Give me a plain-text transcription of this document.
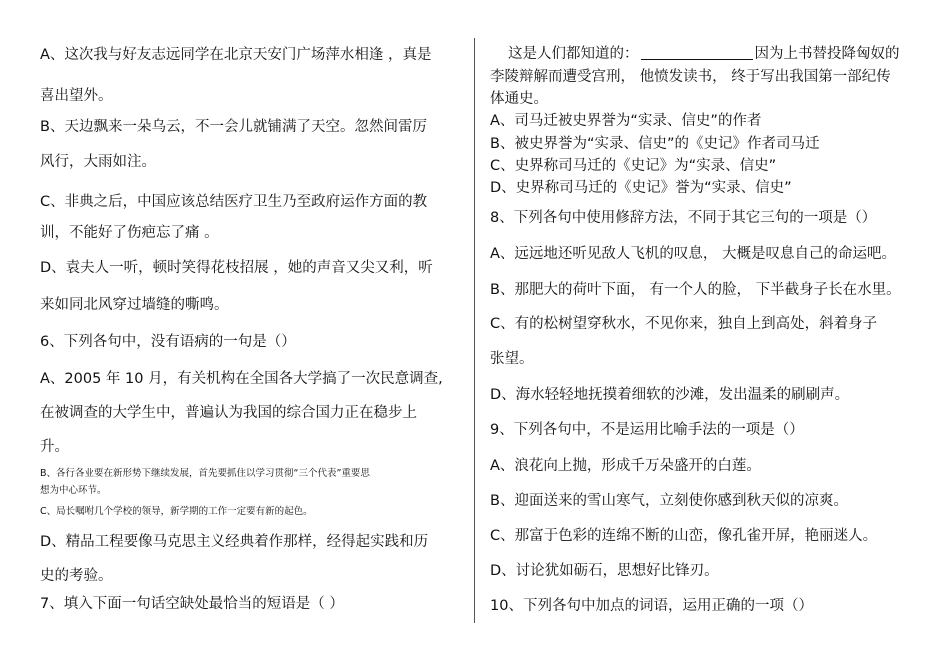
A、这次我与好友志远同学在北京天安门广场萍水相逢 ，真是
喜出望外。
B、天边飘来一朵乌云，不一会儿就铺满了天空。忽然间雷厉
风行，大雨如注。
C、非典之后，中国应该总结医疗卫生乃至政府运作方面的教
训，不能好了伤疤忘了痛 。
D、袁夫人一听，顿时笑得花枝招展 ，她的声音又尖又利，听
来如同北风穿过墙缝的嘶鸣。
6、下列各句中，没有语病的一句是（）
A、2005 年 10 月，有关机构在全国各大学搞了一次民意调查,
在被调查的大学生中，普遍认为我国的综合国力正在稳步上
升。
B、各行各业要在新形势下继续发展，首先要抓住以学习贯彻“三个代表”重要思
想为中心环节。
C、局长嘱咐几个学校的领导，新学期的工作一定要有新的起色。
D、精品工程要像马克思主义经典着作那样，经得起实践和历
史的考验。
7、填入下面一句话空缺处最恰当的短语是（ ）
这是人们都知道的：	因为上书替投降匈奴的
李陵辩解而遭受宫刑， 他愤发读书， 终于写出我国第一部纪传
体通史。
A、司马迁被史界誉为“实录、信史”的作者
B、被史界誉为“实录、信史”的《史记》作者司马迁
C、史界称司马迁的《史记》为“实录、信史”
D、史界称司马迁的《史记》誉为“实录、信史”
8、下列各句中使用修辞方法，不同于其它三句的一项是（）
A、远远地还听见敌人飞机的叹息， 大概是叹息自己的命运吧。
B、那肥大的荷叶下面， 有一个人的脸， 下半截身子长在水里。
C、有的松树望穿秋水，不见你来，独自上到高处，斜着身子
张望。
D、海水轻轻地抚摸着细软的沙滩，发出温柔的刷刷声。
9、下列各句中，不是运用比喻手法的一项是（）
A、浪花向上抛，形成千万朵盛开的白莲。
B、迎面送来的雪山寒气，立刻使你感到秋天似的凉爽。
C、那富于色彩的连绵不断的山峦，像孔雀开屏，艳丽迷人。
D、讨论犹如砺石，思想好比锋刃。
10、下列各句中加点的词语，运用正确的一项（）
